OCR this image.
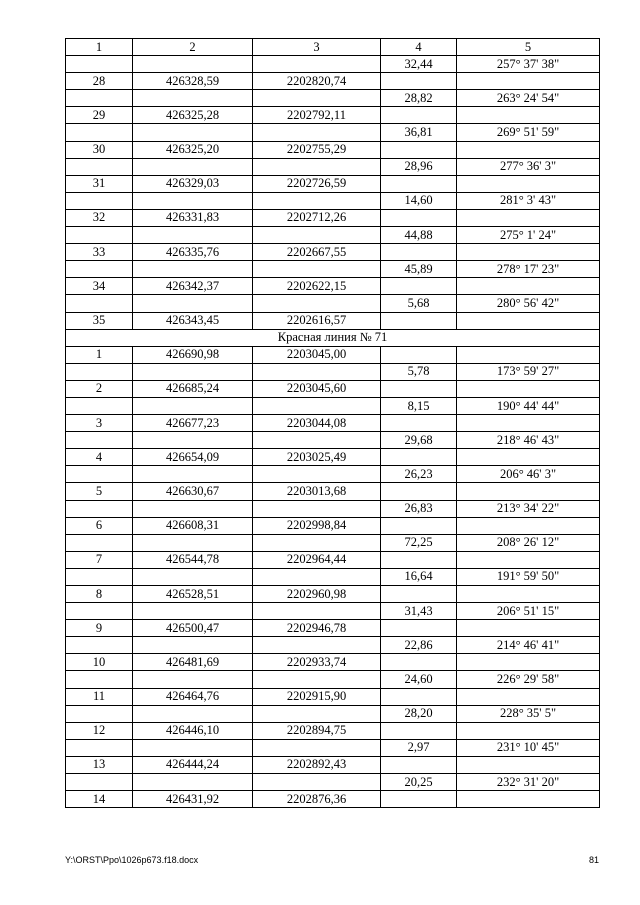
1	2	3	4	5
			32,44	257° 37' 38"
28	426328,59	2202820,74		
			28,82	263° 24' 54"
29	426325,28	2202792,11		
			36,81	269° 51' 59"
30	426325,20	2202755,29		
			28,96	277° 36' 3"
31	426329,03	2202726,59		
			14,60	281° 3' 43"
32	426331,83	2202712,26		
			44,88	275° 1' 24"
33	426335,76	2202667,55		
			45,89	278° 17' 23"
34	426342,37	2202622,15		
			5,68	280° 56' 42"
35	426343,45	2202616,57		
Красная линия № 71				
1	426690,98	2203045,00		
			5,78	173° 59' 27"
2	426685,24	2203045,60		
			8,15	190° 44' 44"
3	426677,23	2203044,08		
			29,68	218° 46' 43"
4	426654,09	2203025,49		
			26,23	206° 46' 3"
5	426630,67	2203013,68		
			26,83	213° 34' 22"
6	426608,31	2202998,84		
			72,25	208° 26' 12"
7	426544,78	2202964,44		
			16,64	191° 59' 50"
8	426528,51	2202960,98		
			31,43	206° 51' 15"
9	426500,47	2202946,78		
			22,86	214° 46' 41"
10	426481,69	2202933,74		
			24,60	226° 29' 58"
11	426464,76	2202915,90		
			28,20	228° 35' 5"
12	426446,10	2202894,75		
			2,97	231° 10' 45"
13	426444,24	2202892,43		
			20,25	232° 31' 20"
14	426431,92	2202876,36		
Y:\ORST\Ppo\1026p673.f18.docx	81
